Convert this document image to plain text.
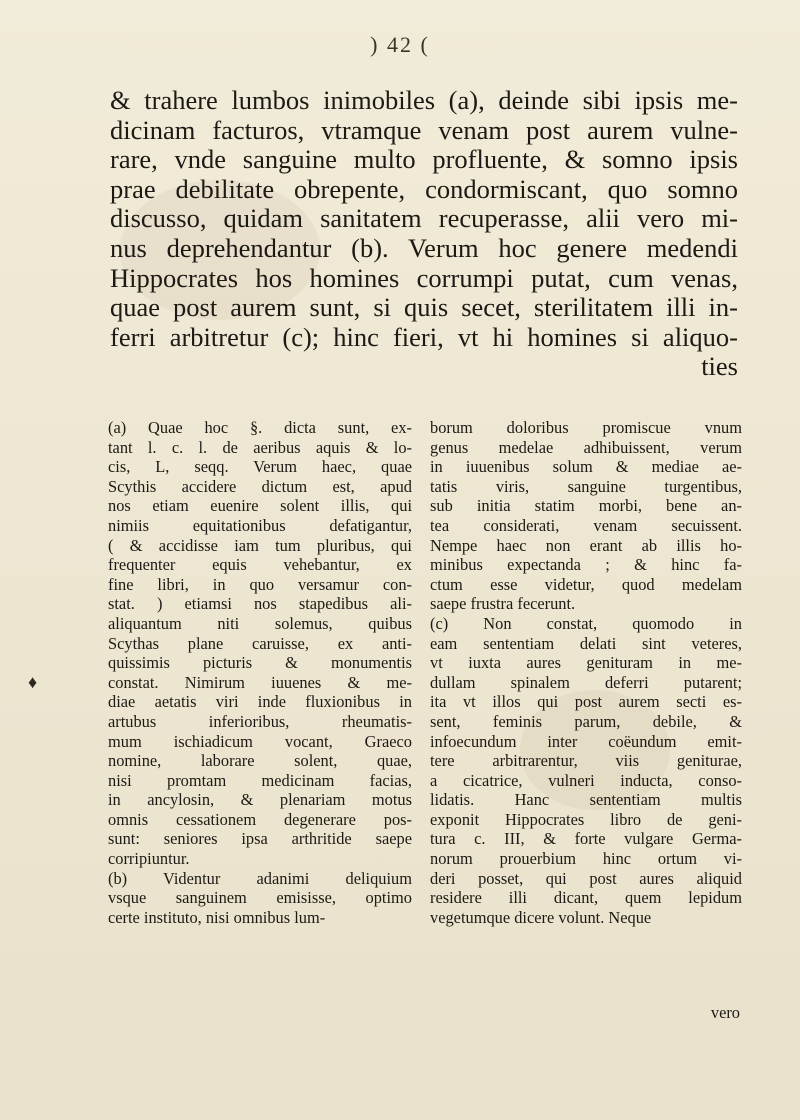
) 42 (
& trahere lumbos inimobiles (a), deinde sibi ipsis me-
dicinam facturos, vtramque venam post aurem vulne-
rare, vnde sanguine multo profluente, & somno ipsis
prae debilitate obrepente, condormiscant, quo somno
discusso, quidam sanitatem recuperasse, alii vero mi-
nus deprehendantur (b). Verum hoc genere medendi
Hippocrates hos homines corrumpi putat, cum venas,
quae post aurem sunt, si quis secet, sterilitatem illi in-
ferri arbitretur (c); hinc fieri, vt hi homines si aliquo-
ties
♦
(a) Quae hoc §. dicta sunt, ex-
tant l. c. l. de aeribus aquis & lo-
cis, L, seqq. Verum haec, quae
Scythis accidere dictum est, apud
nos etiam euenire solent illis, qui
nimiis equitationibus defatigantur,
( & accidisse iam tum pluribus, qui
frequenter equis vehebantur, ex
fine libri, in quo versamur con-
stat. ) etiamsi nos stapedibus ali-
aliquantum niti solemus, quibus
Scythas plane caruisse, ex anti-
quissimis picturis & monumentis
constat. Nimirum iuuenes & me-
diae aetatis viri inde fluxionibus in
artubus inferioribus, rheumatis-
mum ischiadicum vocant, Graeco
nomine, laborare solent, quae,
nisi promtam medicinam facias,
in ancylosin, & plenariam motus
omnis cessationem degenerare pos-
sunt: seniores ipsa arthritide saepe
corripiuntur.
(b) Videntur adanimi deliquium
vsque sanguinem emisisse, optimo
certe instituto, nisi omnibus lum-
borum doloribus promiscue vnum
genus medelae adhibuissent, verum
in iuuenibus solum & mediae ae-
tatis viris, sanguine turgentibus,
sub initia statim morbi, bene an-
tea considerati, venam secuissent.
Nempe haec non erant ab illis ho-
minibus expectanda ; & hinc fa-
ctum esse videtur, quod medelam
saepe frustra fecerunt.
(c) Non constat, quomodo in
eam sententiam delati sint veteres,
vt iuxta aures genituram in me-
dullam spinalem deferri putarent;
ita vt illos qui post aurem secti es-
sent, feminis parum, debile, &
infoecundum inter coëundum emit-
tere arbitrarentur, viis geniturae,
a cicatrice, vulneri inducta, conso-
lidatis. Hanc sententiam multis
exponit Hippocrates libro de geni-
tura c. III, & forte vulgare Germa-
norum prouerbium hinc ortum vi-
deri posset, qui post aures aliquid
residere illi dicant, quem lepidum
vegetumque dicere volunt. Neque
vero
